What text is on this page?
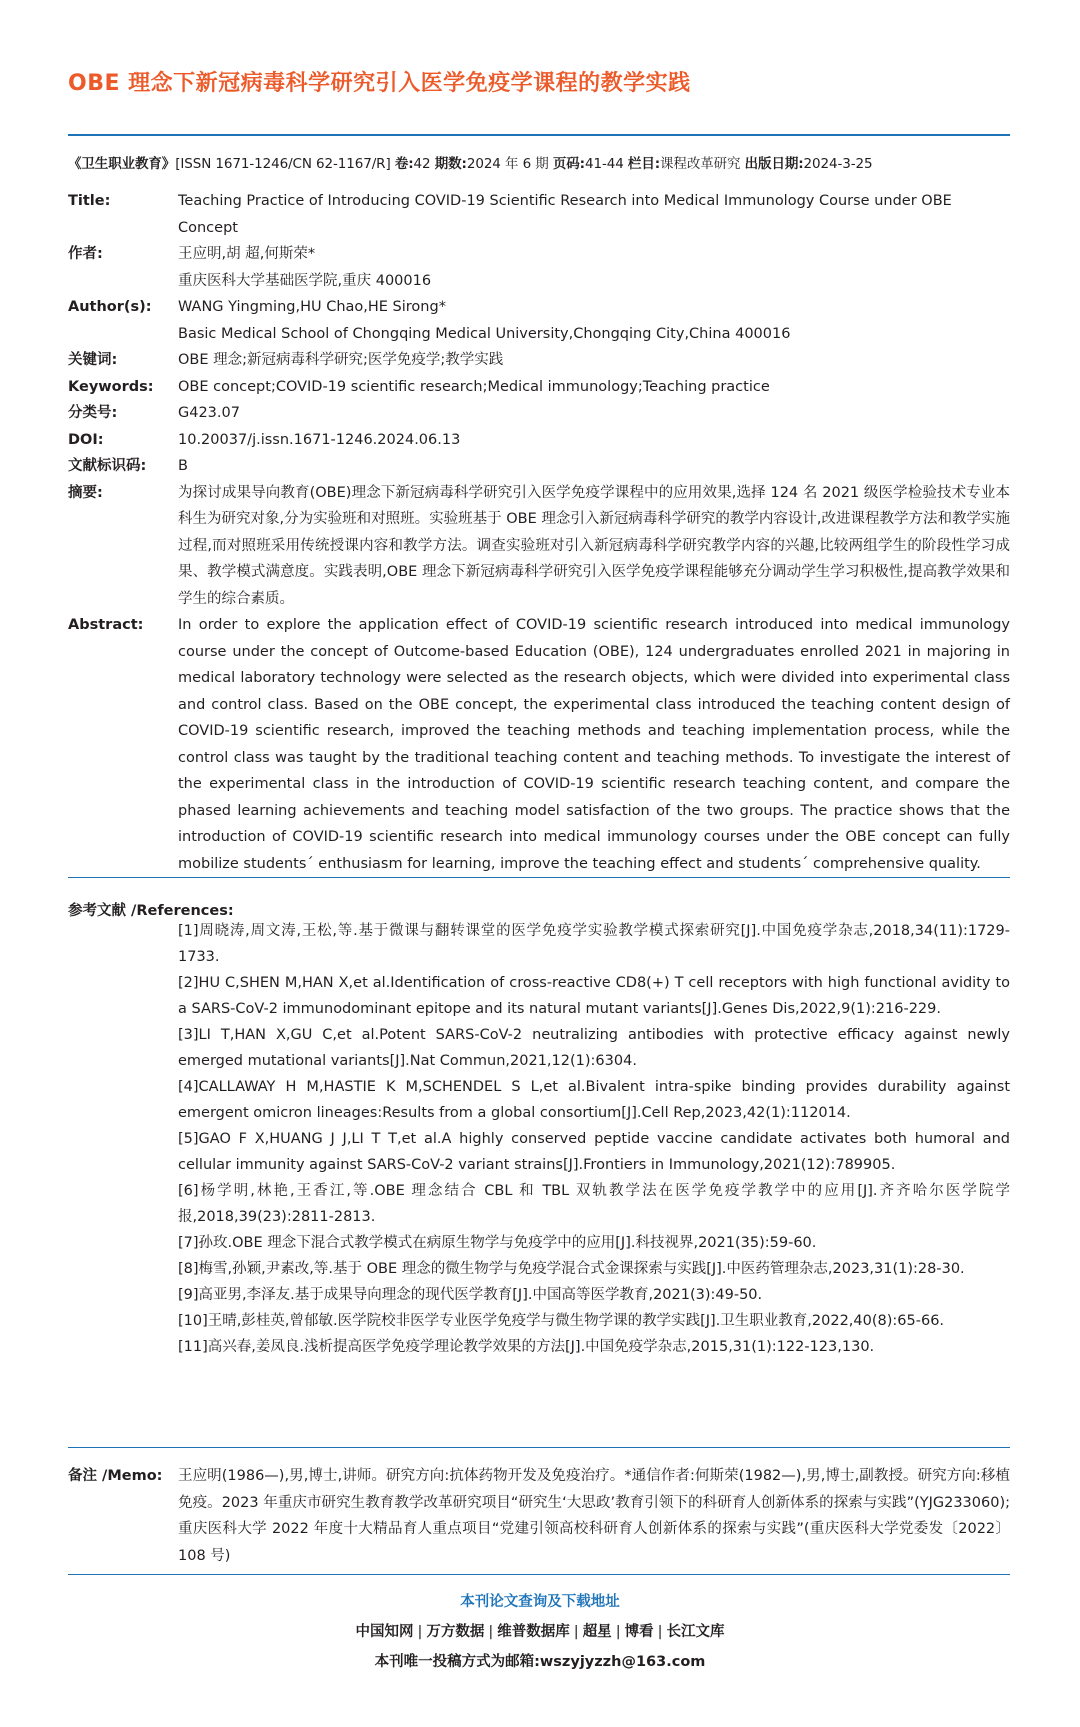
OBE 理念下新冠病毒科学研究引入医学免疫学课程的教学实践
《卫生职业教育》[ISSN 1671-1246/CN 62-1167/R] 卷:42 期数:2024 年 6 期 页码:41-44 栏目:课程改革研究 出版日期:2024-3-25
Title:	Teaching Practice of Introducing COVID-19 Scientific Research into Medical Immunology Course under OBE Concept
作者:	王应明,胡 超,何斯荣*
重庆医科大学基础医学院,重庆 400016
Author(s):	WANG Yingming,HU Chao,HE Sirong*
Basic Medical School of Chongqing Medical University,Chongqing City,China 400016
关键词:	OBE 理念;新冠病毒科学研究;医学免疫学;教学实践
Keywords:	OBE concept;COVID-19 scientific research;Medical immunology;Teaching practice
分类号:	G423.07
DOI:	10.20037/j.issn.1671-1246.2024.06.13
文献标识码:	B
摘要:	为探讨成果导向教育(OBE)理念下新冠病毒科学研究引入医学免疫学课程中的应用效果,选择 124 名 2021 级医学检验技术专业本科生为研究对象,分为实验班和对照班。实验班基于 OBE 理念引入新冠病毒科学研究的教学内容设计,改进课程教学方法和教学实施过程,而对照班采用传统授课内容和教学方法。调查实验班对引入新冠病毒科学研究教学内容的兴趣,比较两组学生的阶段性学习成果、教学模式满意度。实践表明,OBE 理念下新冠病毒科学研究引入医学免疫学课程能够充分调动学生学习积极性,提高教学效果和学生的综合素质。
Abstract:	In order to explore the application effect of COVID-19 scientific research introduced into medical immunology course under the concept of Outcome-based Education (OBE), 124 undergraduates enrolled 2021 in majoring in medical laboratory technology were selected as the research objects, which were divided into experimental class and control class. Based on the OBE concept, the experimental class introduced the teaching content design of COVID-19 scientific research, improved the teaching methods and teaching implementation process, while the control class was taught by the traditional teaching content and teaching methods. To investigate the interest of the experimental class in the introduction of COVID-19 scientific research teaching content, and compare the phased learning achievements and teaching model satisfaction of the two groups. The practice shows that the introduction of COVID-19 scientific research into medical immunology courses under the OBE concept can fully mobilize students´ enthusiasm for learning, improve the teaching effect and students´ comprehensive quality.
参考文献 /References:
[1]周晓涛,周文涛,王松,等.基于微课与翻转课堂的医学免疫学实验教学模式探索研究[J].中国免疫学杂志,2018,34(11):1729-1733.
[2]HU C,SHEN M,HAN X,et al.Identification of cross-reactive CD8(+) T cell receptors with high functional avidity to a SARS-CoV-2 immunodominant epitope and its natural mutant variants[J].Genes Dis,2022,9(1):216-229.
[3]LI T,HAN X,GU C,et al.Potent SARS-CoV-2 neutralizing antibodies with protective efficacy against newly emerged mutational variants[J].Nat Commun,2021,12(1):6304.
[4]CALLAWAY H M,HASTIE K M,SCHENDEL S L,et al.Bivalent intra-spike binding provides durability against emergent omicron lineages:Results from a global consortium[J].Cell Rep,2023,42(1):112014.
[5]GAO F X,HUANG J J,LI T T,et al.A highly conserved peptide vaccine candidate activates both humoral and cellular immunity against SARS-CoV-2 variant strains[J].Frontiers in Immunology,2021(12):789905.
[6]杨学明,林艳,王香江,等.OBE 理念结合 CBL 和 TBL 双轨教学法在医学免疫学教学中的应用[J].齐齐哈尔医学院学报,2018,39(23):2811-2813.
[7]孙玫.OBE 理念下混合式教学模式在病原生物学与免疫学中的应用[J].科技视界,2021(35):59-60.
[8]梅雪,孙颖,尹素改,等.基于 OBE 理念的微生物学与免疫学混合式金课探索与实践[J].中医药管理杂志,2023,31(1):28-30.
[9]高亚男,李泽友.基于成果导向理念的现代医学教育[J].中国高等医学教育,2021(3):49-50.
[10]王晴,彭桂英,曾郁敏.医学院校非医学专业医学免疫学与微生物学课的教学实践[J].卫生职业教育,2022,40(8):65-66.
[11]高兴春,姜凤良.浅析提高医学免疫学理论教学效果的方法[J].中国免疫学杂志,2015,31(1):122-123,130.
备注 /Memo:	王应明(1986—),男,博士,讲师。研究方向:抗体药物开发及免疫治疗。*通信作者:何斯荣(1982—),男,博士,副教授。研究方向:移植免疫。2023 年重庆市研究生教育教学改革研究项目“研究生‘大思政’教育引领下的科研育人创新体系的探索与实践”(YJG233060);重庆医科大学 2022 年度十大精品育人重点项目“党建引领高校科研育人创新体系的探索与实践”(重庆医科大学党委发〔2022〕108 号)
本刊论文查询及下载地址
中国知网 | 万方数据 | 维普数据库 | 超星 | 博看 | 长江文库
本刊唯一投稿方式为邮箱:wszyjyzzh@163.com
